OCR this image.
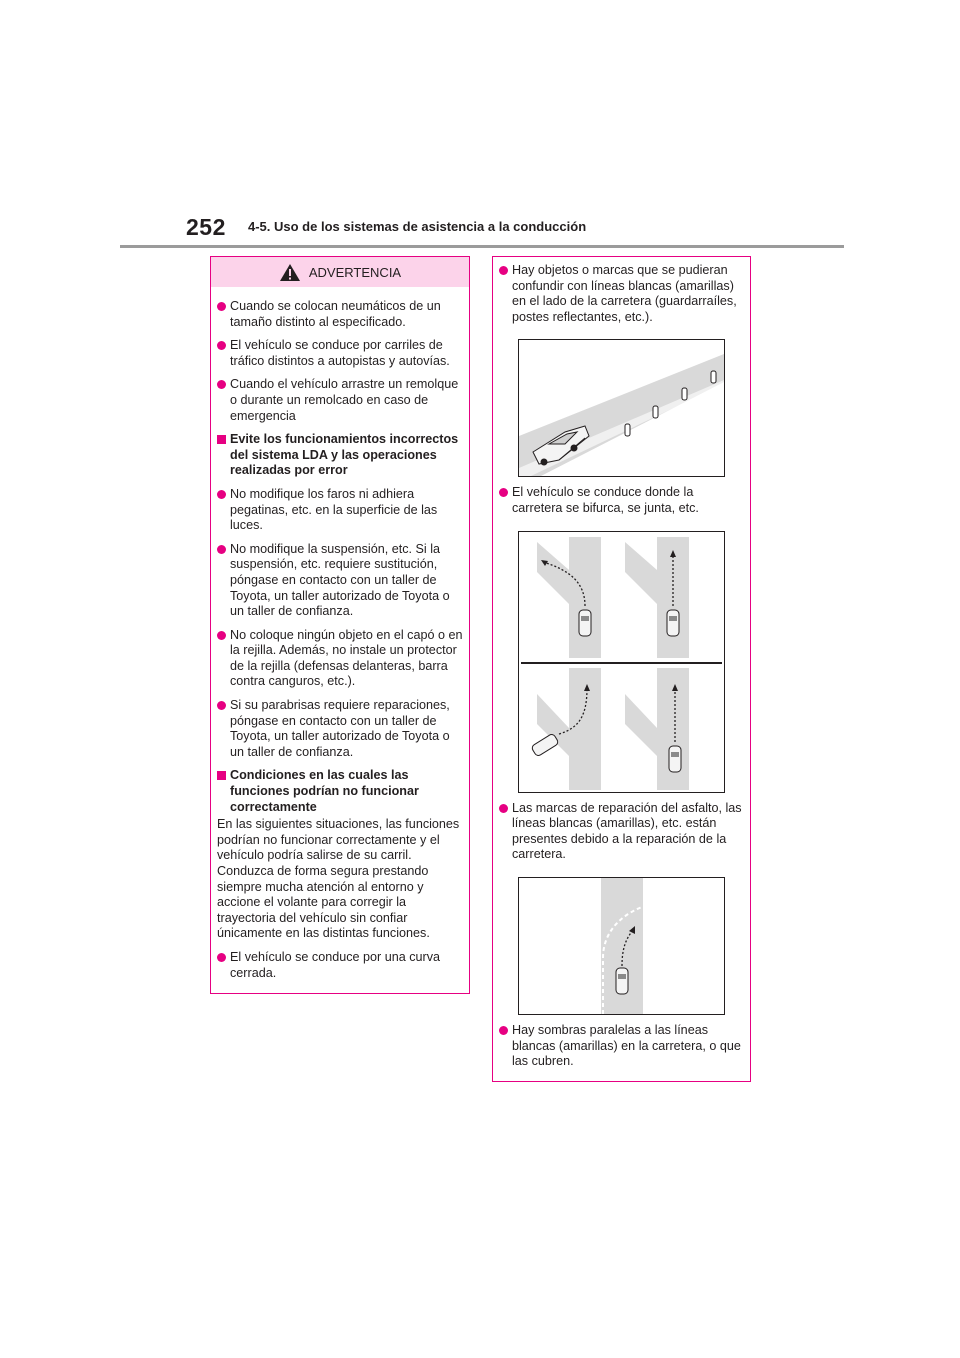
252 4-5. Uso de los sistemas de asistencia a la conducción
ADVERTENCIA

Cuando se colocan neumáticos de un tamaño distinto al especificado.

El vehículo se conduce por carriles de tráfico distintos a autopistas y autovías.

Cuando el vehículo arrastre un remolque o durante un remolcado en caso de emergencia

Evite los funcionamientos incorrectos del sistema LDA y las operaciones realizadas por error

No modifique los faros ni adhiera pegatinas, etc. en la superficie de las luces.

No modifique la suspensión, etc. Si la suspensión, etc. requiere sustitución, póngase en contacto con un taller de Toyota, un taller autorizado de Toyota o un taller de confianza.

No coloque ningún objeto en el capó o en la rejilla. Además, no instale un protector de la rejilla (defensas delanteras, barra contra canguros, etc.).

Si su parabrisas requiere reparaciones, póngase en contacto con un taller de Toyota, un taller autorizado de Toyota o un taller de confianza.

Condiciones en las cuales las funciones podrían no funcionar correctamente

En las siguientes situaciones, las funciones podrían no funcionar correctamente y el vehículo podría salirse de su carril. Conduzca de forma segura prestando siempre mucha atención al entorno y accione el volante para corregir la trayectoria del vehículo sin confiar únicamente en las distintas funciones.

El vehículo se conduce por una curva cerrada.

Hay objetos o marcas que se pudieran confundir con líneas blancas (amarillas) en el lado de la carretera (guardarraíles, postes reflectantes, etc.).

El vehículo se conduce donde la carretera se bifurca, se junta, etc.

Las marcas de reparación del asfalto, las líneas blancas (amarillas), etc. están presentes debido a la reparación de la carretera.

Hay sombras paralelas a las líneas blancas (amarillas) en la carretera, o que las cubren.
